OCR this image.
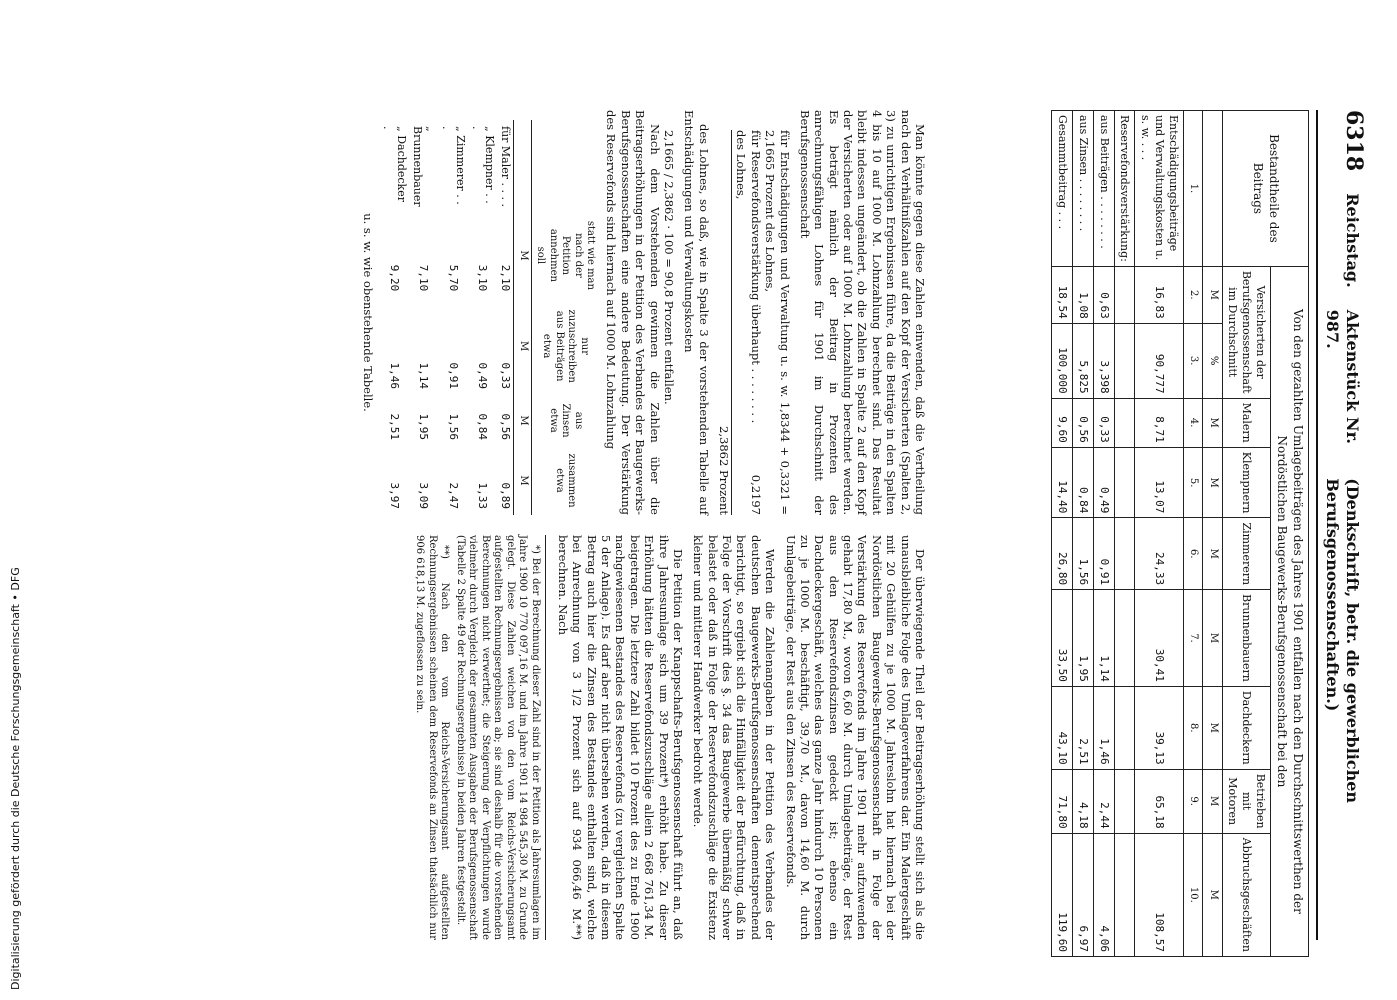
6318
Reichstag.
Aktenstück Nr. 987.
(Denkschrift, betr. die gewerblichen Berufsgenossenschaften.)
Bestandtheile des Beitrags	Von den gezahlten Umlagebeiträgen des Jahres 1901 entfallen nach den Durchschnittswerthen der Nordöstlichen Baugewerks-Berufsgenossenschaft bei den								
	Versicherten der Berufsgenossenschaft im Durchschnitt		Malern	Klempnern	Zimmerern	Brunnenbauern	Dachdeckern	Betrieben mit Motoren	Abbruchsgeschäften
	M	%	M	M	M	M	M	M	M
1.	2.	3.	4.	5.	6.	7.	8.	9.	10.
Entschädigungsbeiträge und Verwaltungskosten u. s. w. . . .	16,83	90,777	8,71	13,07	24,33	30,41	39,13	65,18	108,57
Reservefondsverstärkung:									
aus Beiträgen . . . . . . . .	0,63	3,398	0,33	0,49	0,91	1,14	1,46	2,44	4,06
aus Zinsen . . . . . . . .	1,08	5,825	0,56	0,84	1,56	1,95	2,51	4,18	6,97
Gesammtbeitrag . . .	18,54	100,000	9,60	14,40	26,80	33,50	43,10	71,80	119,60

Man könnte gegen diese Zahlen einwenden, daß die Vertheilung nach den Verhältnißzahlen auf den Kopf der Versicherten (Spalten 2, 3) zu unrichtigen Ergebnissen führe, da die Beiträge in den Spalten 4 bis 10 auf 1000 M. Lohnzahlung berechnet sind. Das Resultat bleibt indessen ungeändert, ob die Zahlen in Spalte 2 auf den Kopf der Versicherten oder auf 1000 M. Lohnzahlung berechnet werden. Es beträgt nämlich der Beitrag in Prozenten des anrechnungsfähigen Lohnes für 1901 im Durchschnitt der Berufsgenossenschaft

für Entschädigungen und Verwaltung u. s. w. 1,8344 + 0,3321 = 2,1665 Prozent des Lohnes,
für Reservefondsverstärkung überhaupt . . . . . . . .
0,2197
des Lohnes,
2,3862 Prozent

des Lohnes, so daß, wie in Spalte 3 der vorstehenden Tabelle auf Entschädigungen und Verwaltungskosten

2,1665 / 2,3862 · 100 = 90,8 Prozent entfallen.

Nach dem Vorstehenden gewinnen die Zahlen über die Beitragserhöhungen in der Petition des Verbandes der Baugewerks-Berufsgenossenschaften eine andere Bedeutung. Der Verstärkung des Reservefonds sind hiernach auf 1000 M. Lohnzahlung

	statt wie man nach der Petition annehmen soll	nur zuzuschreiben aus Beiträgen etwa	aus Zinsen etwa	zusammen etwa
	M	M	M	M
für Maler . . . .	2,10	0,33	0,56	0,89
„ Klempner . . .	3,10	0,49	0,84	1,33
„ Zimmerer . . .	5,70	0,91	1,56	2,47
„ Brunnenbauer	7,10	1,14	1,95	3,09
„ Dachdecker .	9,20	1,46	2,51	3,97
u. s. w. wie obenstehende Tabelle.

Der überwiegende Theil der Beitragserhöhung stellt sich als die unausbleibliche Folge des Umlageverfahrens dar. Ein Malergeschäft mit 20 Gehülfen zu je 1000 M. Jahreslohn hat hiernach bei der Nordöstlichen Baugewerks-Berufsgenossenschaft in Folge der Verstärkung des Reservefonds im Jahre 1901 mehr aufzuwenden gehabt 17,80 M., wovon 6,60 M. durch Umlagebeiträge, der Rest aus den Reservefondszinsen gedeckt ist; ebenso ein Dachdeckergeschäft, welches das ganze Jahr hindurch 10 Personen zu je 1000 M. beschäftigt, 39,70 M., davon 14,60 M. durch Umlagebeiträge, der Rest aus den Zinsen des Reservefonds.

Werden die Zahlenangaben in der Petition des Verbandes der deutschen Baugewerks-Berufsgenossenschaften dementsprechend berichtigt, so ergiebt sich die Hinfälligkeit der Befürchtung, daß in Folge der Vorschrift des §. 34 das Baugewerbe übermäßig schwer belastet oder daß in Folge der Reservefondszuschläge die Existenz kleiner und mittlerer Handwerker bedroht werde.

Die Petition der Knappschafts-Berufsgenossenschaft führt an, daß ihre Jahresumlage sich um 39 Prozent*) erhöht habe. Zu dieser Erhöhung hätten die Reservefondszuschläge allein 2 668 761,34 M. beigetragen. Die letztere Zahl bildet 10 Prozent des zu Ende 1900 nachgewiesenen Bestandes des Reservefonds (zu vergleichen Spalte 5 der Anlage). Es darf aber nicht übersehen werden, daß in diesem Betrag auch hier die Zinsen des Bestandes enthalten sind, welche bei Anrechnung von 3 1/2 Prozent sich auf 934 066,46 M.**) berechnen. Nach

*) Bei der Berechnung dieser Zahl sind in der Petition als Jahresumlagen im Jahre 1900 10 770 097,16 M. und im Jahre 1901 14 984 545,30 M. zu Grunde gelegt. Diese Zahlen weichen von den vom Reichs-Versicherungsamt aufgestellten Rechnungsergebnissen ab; sie sind deshalb für die vorstehenden Berechnungen nicht verwerthet; die Steigerung der Verpflichtungen wurde vielmehr durch Vergleich der gesammten Ausgaben der Berufsgenossenschaft (Tabelle 2 Spalte 49 der Rechnungsergebnisse) in beiden Jahren festgestellt.

**) Nach den vom Reichs-Versicherungsamt aufgestellten Rechnungsergebnissen scheinen dem Reservefonds an Zinsen thatsächlich nur 906 618,13 M. zugeflossen zu sein.

Digitalisierung gefördert durch die Deutsche Forschungsgemeinschaft • DFG
